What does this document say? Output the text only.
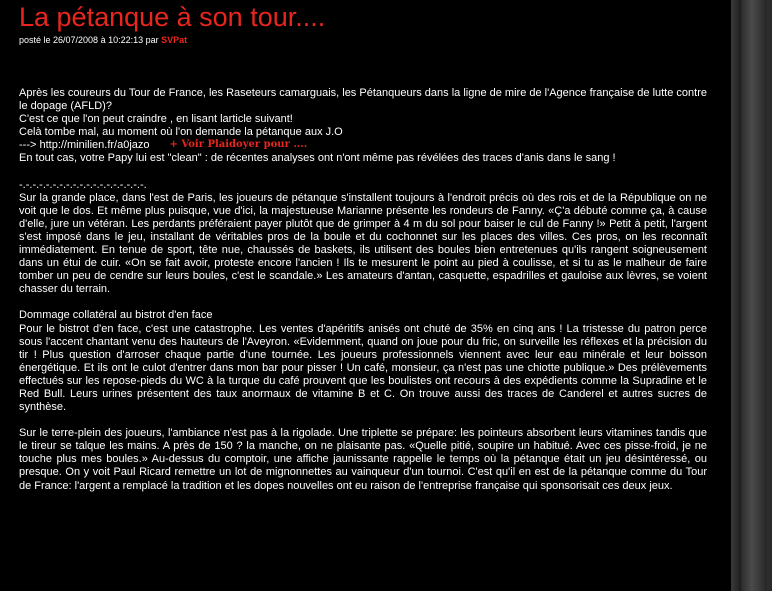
La pétanque à son tour....
posté le 26/07/2008 à 10:22:13 par SVPat

Après les coureurs du Tour de France, les Raseteurs camarguais, les Pétanqueurs dans la ligne de mire de l'Agence française de lutte contre le dopage (AFLD)?

C'est ce que l'on peut craindre , en lisant larticle suivant!

Celà tombe mal, au moment où l'on demande la pétanque aux J.O

---> http://minilien.fr/a0jazo + Voir Plaidoyer pour ....

En tout cas, votre Papy lui est "clean" : de récentes analyses ont n'ont même pas révélées des traces d'anis dans le sang !

-.-.-.-.-.-.-.-.-.-.-.-.-.-.-.-.-.-.-.

Sur la grande place, dans l'est de Paris, les joueurs de pétanque s'installent toujours à l'endroit précis où des rois et de la République on ne voit que le dos. Et même plus puisque, vue d'ici, la majestueuse Marianne présente les rondeurs de Fanny. «Ç'a débuté comme ça, à cause d'elle, jure un vétéran. Les perdants préféraient payer plutôt que de grimper à 4 m du sol pour baiser le cul de Fanny !» Petit à petit, l'argent s'est imposé dans le jeu, installant de véritables pros de la boule et du cochonnet sur les places des villes. Ces pros, on les reconnaît immédiatement. En tenue de sport, tête nue, chaussés de baskets, ils utilisent des boules bien entretenues qu'ils rangent soigneusement dans un étui de cuir. «On se fait avoir, proteste encore l'ancien ! Ils te mesurent le point au pied à coulisse, et si tu as le malheur de faire tomber un peu de cendre sur leurs boules, c'est le scandale.» Les amateurs d'antan, casquette, espadrilles et gauloise aux lèvres, se voient chasser du terrain.

Dommage collatéral au bistrot d'en face

Pour le bistrot d'en face, c'est une catastrophe. Les ventes d'apéritifs anisés ont chuté de 35% en cinq ans ! La tristesse du patron perce sous l'accent chantant venu des hauteurs de l'Aveyron. «Evidemment, quand on joue pour du fric, on surveille les réflexes et la précision du tir ! Plus question d'arroser chaque partie d'une tournée. Les joueurs professionnels viennent avec leur eau minérale et leur boisson énergétique. Et ils ont le culot d'entrer dans mon bar pour pisser ! Un café, monsieur, ça n'est pas une chiotte publique.» Des prélèvements effectués sur les repose-pieds du WC à la turque du café prouvent que les boulistes ont recours à des expédients comme la Supradine et le Red Bull. Leurs urines présentent des taux anormaux de vitamine B et C. On trouve aussi des traces de Canderel et autres sucres de synthèse.

Sur le terre-plein des joueurs, l'ambiance n'est pas à la rigolade. Une triplette se prépare: les pointeurs absorbent leurs vitamines tandis que le tireur se talque les mains. A près de 150 ? la manche, on ne plaisante pas. «Quelle pitié, soupire un habitué. Avec ces pisse-froid, je ne touche plus mes boules.» Au-dessus du comptoir, une affiche jaunissante rappelle le temps où la pétanque était un jeu désintéressé, ou presque. On y voit Paul Ricard remettre un lot de mignonnettes au vainqueur d'un tournoi. C'est qu'il en est de la pétanque comme du Tour de France: l'argent a remplacé la tradition et les dopes nouvelles ont eu raison de l'entreprise française qui sponsorisait ces deux jeux.
